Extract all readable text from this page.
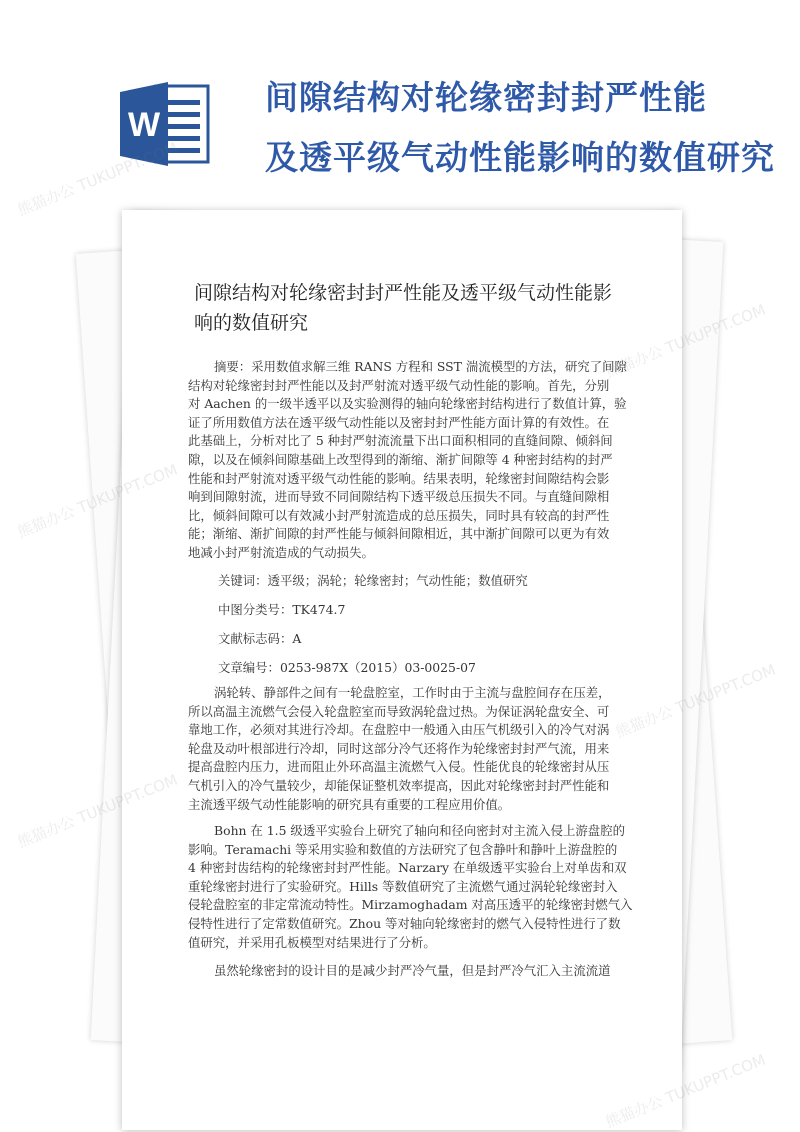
W
间隙结构对轮缘密封封严性能
及透平级气动性能影响的数值研究
间隙结构对轮缘密封封严性能及透平级气动性能影
响的数值研究
摘要：采用数值求解三维 RANS 方程和 SST 湍流模型的方法，研究了间隙
结构对轮缘密封封严性能以及封严射流对透平级气动性能的影响。首先，分别
对 Aachen 的一级半透平以及实验测得的轴向轮缘密封结构进行了数值计算，验
证了所用数值方法在透平级气动性能以及密封封严性能方面计算的有效性。在
此基础上，分析对比了 5 种封严射流流量下出口面积相同的直缝间隙、倾斜间
隙，以及在倾斜间隙基础上改型得到的渐缩、渐扩间隙等 4 种密封结构的封严
性能和封严射流对透平级气动性能的影响。结果表明，轮缘密封间隙结构会影
响到间隙射流，进而导致不同间隙结构下透平级总压损失不同。与直缝间隙相
比，倾斜间隙可以有效减小封严射流造成的总压损失，同时具有较高的封严性
能；渐缩、渐扩间隙的封严性能与倾斜间隙相近，其中渐扩间隙可以更为有效
地减小封严射流造成的气动损失。
关键词：透平级；涡轮；轮缘密封；气动性能；数值研究
中图分类号：TK474.7
文献标志码：A
文章编号：0253-987X（2015）03-0025-07
涡轮转、静部件之间有一轮盘腔室，工作时由于主流与盘腔间存在压差，
所以高温主流燃气会侵入轮盘腔室而导致涡轮盘过热。为保证涡轮盘安全、可
靠地工作，必须对其进行冷却。在盘腔中一般通入由压气机级引入的冷气对涡
轮盘及动叶根部进行冷却，同时这部分冷气还将作为轮缘密封封严气流，用来
提高盘腔内压力，进而阻止外环高温主流燃气入侵。性能优良的轮缘密封从压
气机引入的冷气量较少，却能保证整机效率提高，因此对轮缘密封封严性能和
主流透平级气动性能影响的研究具有重要的工程应用价值。
Bohn 在 1.5 级透平实验台上研究了轴向和径向密封对主流入侵上游盘腔的
影响。Teramachi 等采用实验和数值的方法研究了包含静叶和静叶上游盘腔的
4 种密封齿结构的轮缘密封封严性能。Narzary 在单级透平实验台上对单齿和双
重轮缘密封进行了实验研究。Hills 等数值研究了主流燃气通过涡轮轮缘密封入
侵轮盘腔室的非定常流动特性。Mirzamoghadam 对高压透平的轮缘密封燃气入
侵特性进行了定常数值研究。Zhou 等对轴向轮缘密封的燃气入侵特性进行了数
值研究，并采用孔板模型对结果进行了分析。
虽然轮缘密封的设计目的是减少封严冷气量，但是封严冷气汇入主流流道
熊猫办公 TUKUPPT.COM
熊猫办公
TUKUPPT.COM
熊猫办公 TUKUPPT.COM
熊猫办公 TUKUPPT.COM
